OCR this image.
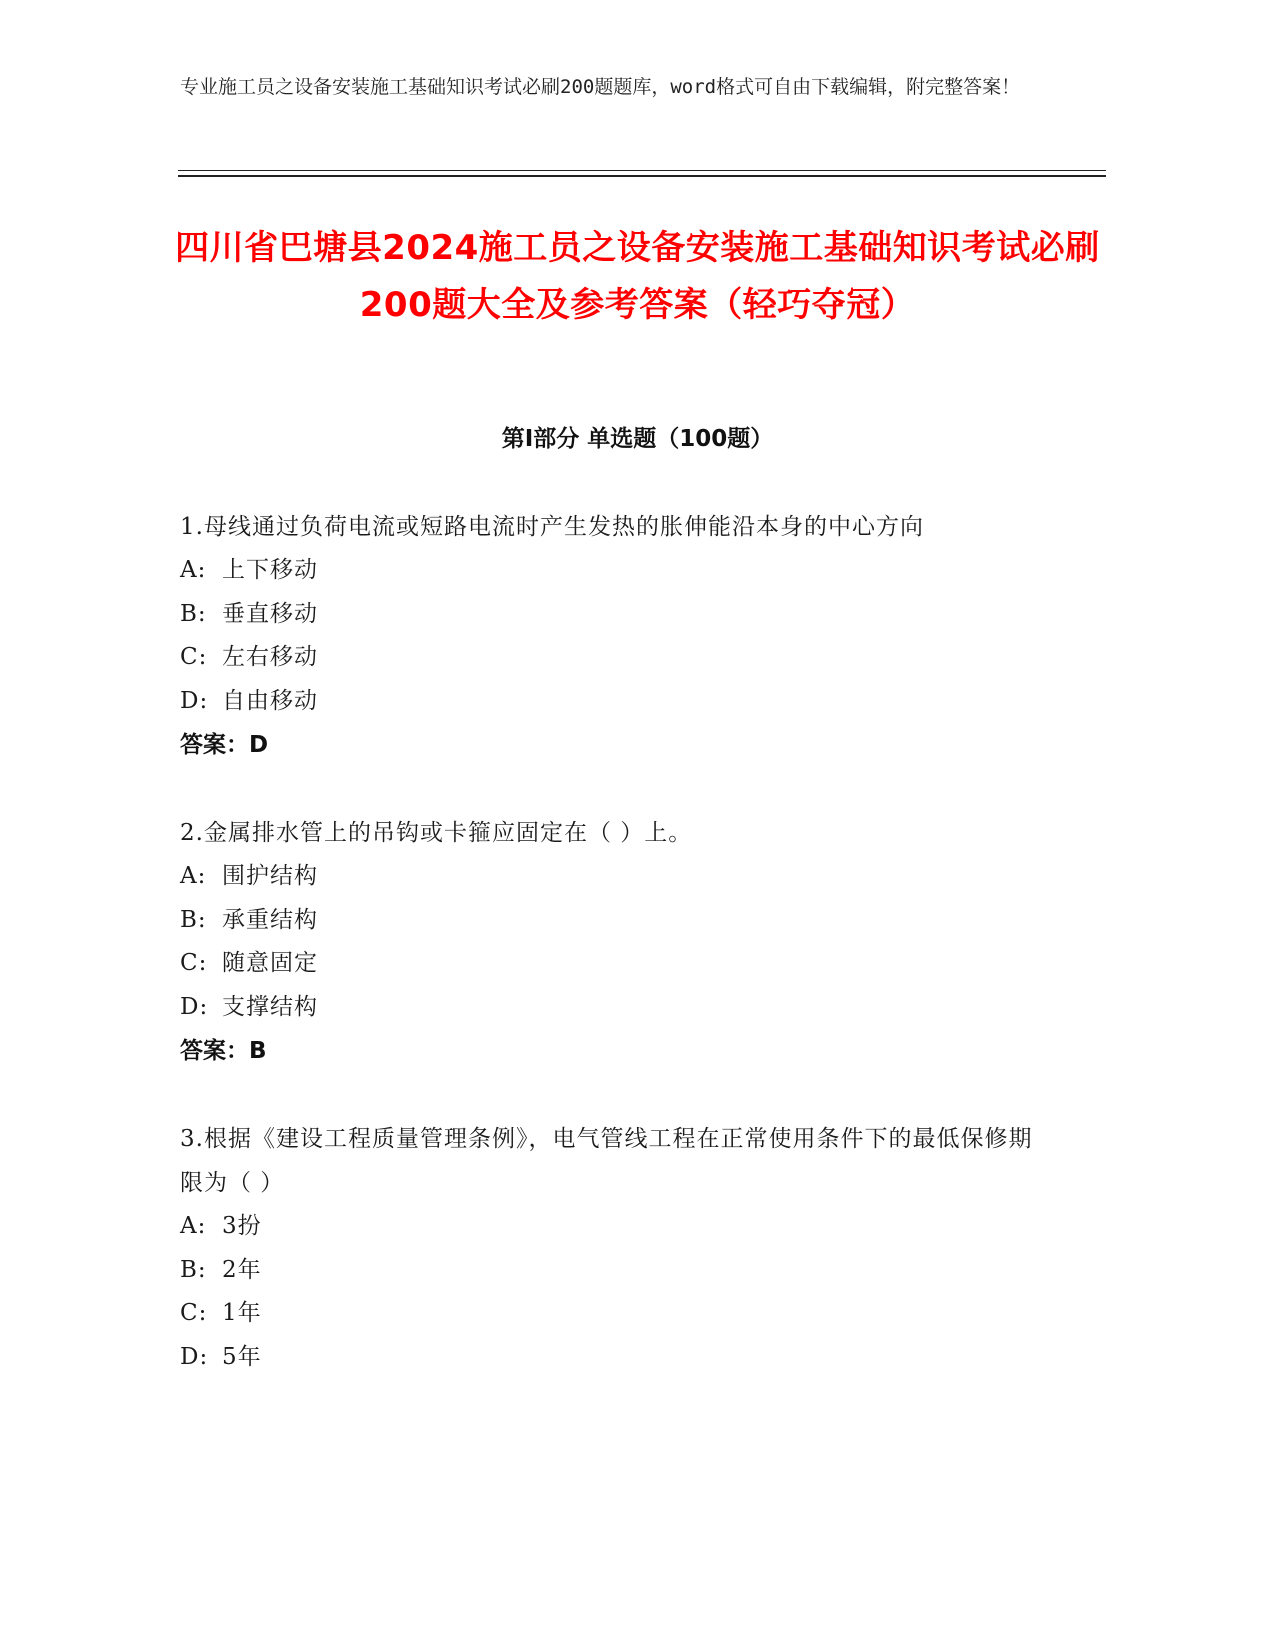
专业施工员之设备安装施工基础知识考试必刷200题题库，word格式可自由下载编辑，附完整答案！
四川省巴塘县2024施工员之设备安装施工基础知识考试必刷200题大全及参考答案（轻巧夺冠）
第Ⅰ部分 单选题（100题）
1.母线通过负荷电流或短路电流时产生发热的胀伸能沿本身的中心方向
A: 上下移动
B: 垂直移动
C: 左右移动
D: 自由移动
答案：D
2.金属排水管上的吊钩或卡箍应固定在（ ）上。
A: 围护结构
B: 承重结构
C: 随意固定
D: 支撑结构
答案：B
3.根据《建设工程质量管理条例》，电气管线工程在正常使用条件下的最低保修期限为（ ）
A: 3扮
B: 2年
C: 1年
D: 5年
